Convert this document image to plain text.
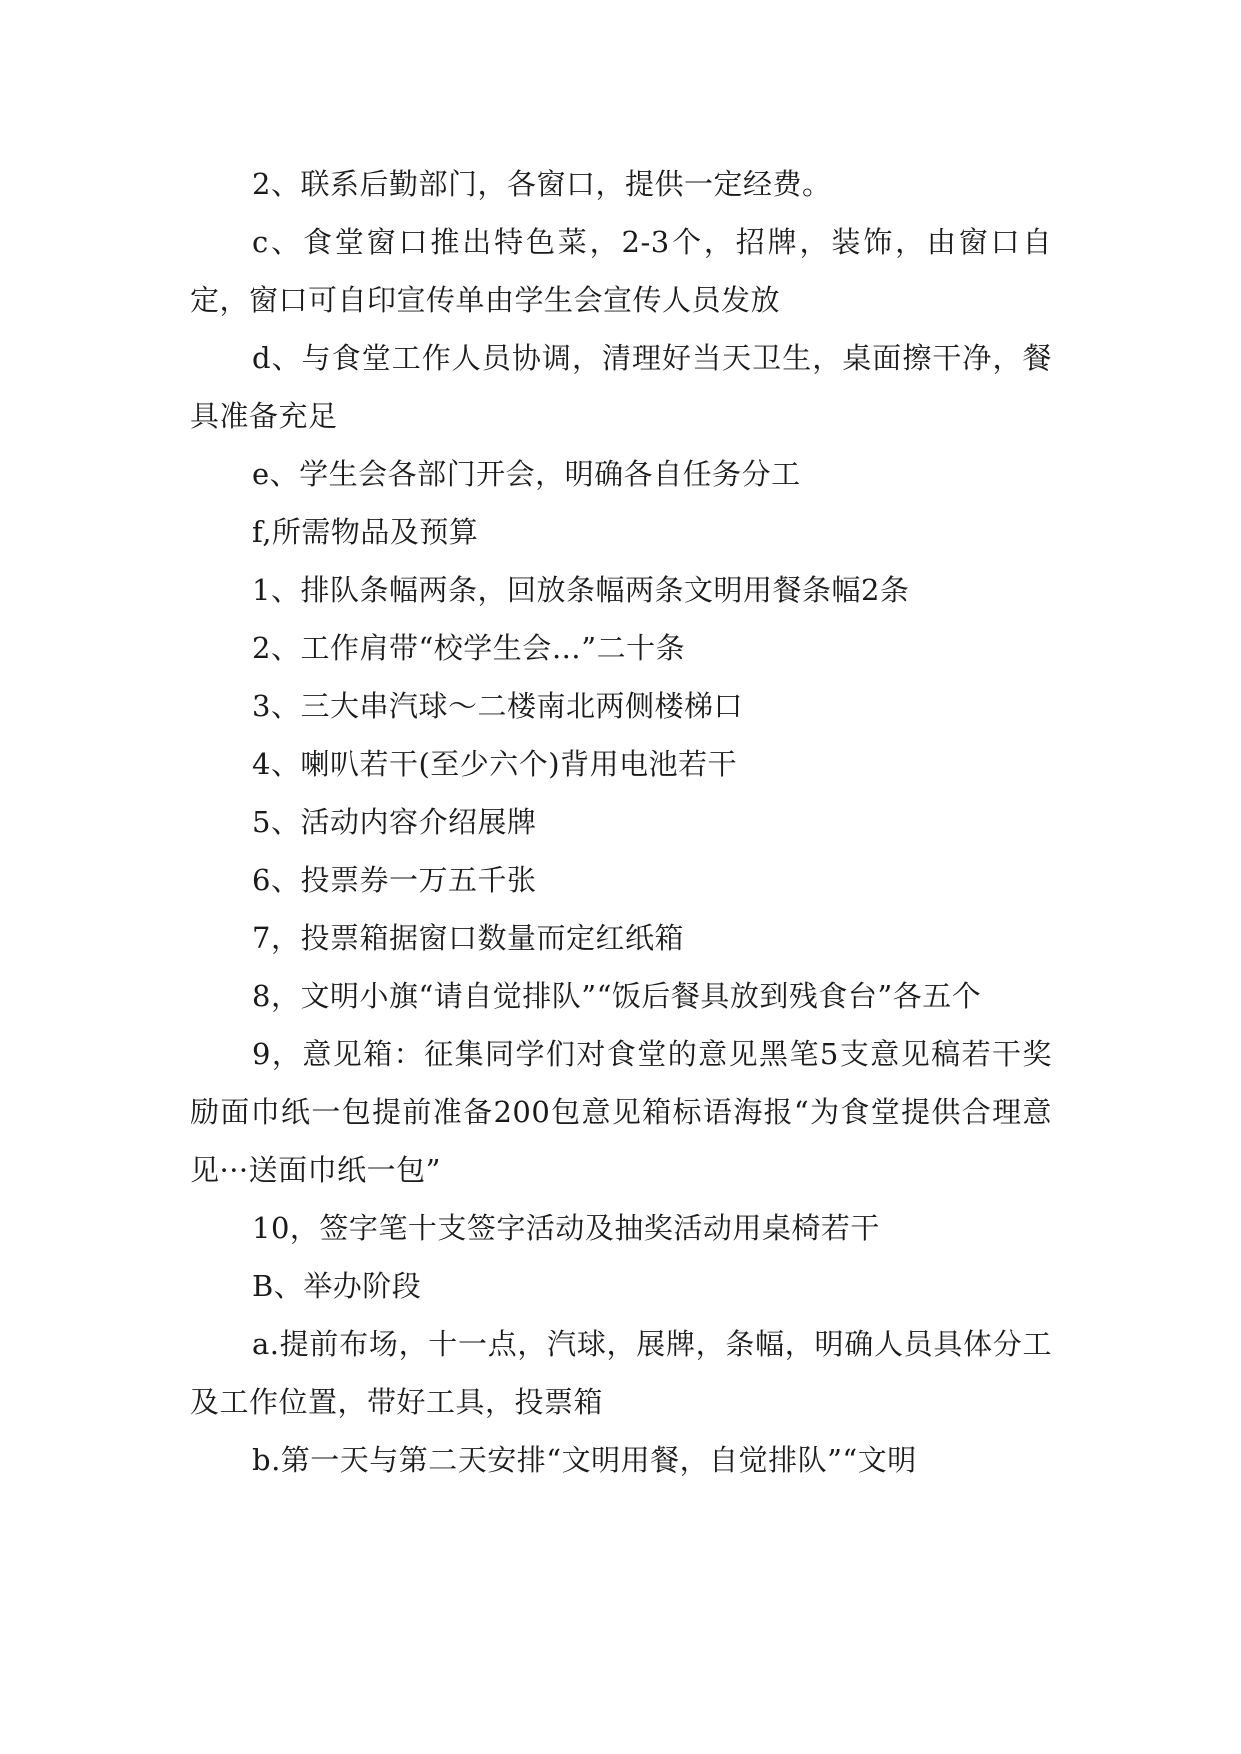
2、联系后勤部门，各窗口，提供一定经费。

c、食堂窗口推出特色菜，2-3个，招牌，装饰，由窗口自定，窗口可自印宣传单由学生会宣传人员发放

d、与食堂工作人员协调，清理好当天卫生，桌面擦干净，餐具准备充足

e、学生会各部门开会，明确各自任务分工

f,所需物品及预算

1、排队条幅两条，回放条幅两条文明用餐条幅2条

2、工作肩带“校学生会…”二十条

3、三大串汽球～二楼南北两侧楼梯口

4、喇叭若干(至少六个)背用电池若干

5、活动内容介绍展牌

6、投票券一万五千张

7，投票箱据窗口数量而定红纸箱

8，文明小旗“请自觉排队”“饭后餐具放到残食台”各五个

9，意见箱：征集同学们对食堂的意见黑笔5支意见稿若干奖励面巾纸一包提前准备200包意见箱标语海报“为食堂提供合理意见···送面巾纸一包”

10，签字笔十支签字活动及抽奖活动用桌椅若干

B、举办阶段

a.提前布场，十一点，汽球，展牌，条幅，明确人员具体分工及工作位置，带好工具，投票箱

b.第一天与第二天安排“文明用餐，自觉排队”“文明
